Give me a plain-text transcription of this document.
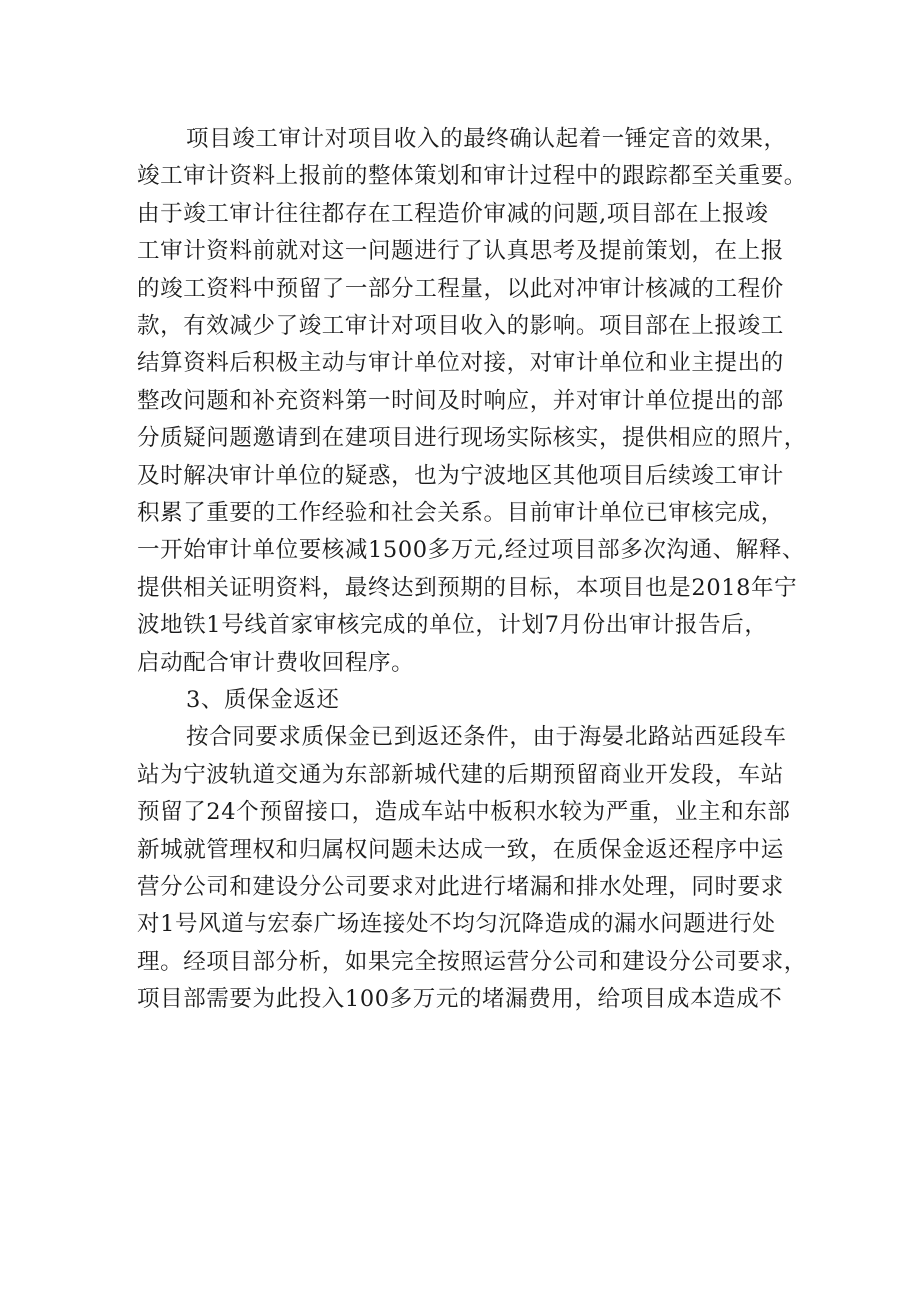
项目竣工审计对项目收入的最终确认起着一锤定音的效果，
竣工审计资料上报前的整体策划和审计过程中的跟踪都至关重要。
由于竣工审计往往都存在工程造价审减的问题,项目部在上报竣
工审计资料前就对这一问题进行了认真思考及提前策划，在上报
的竣工资料中预留了一部分工程量，以此对冲审计核减的工程价
款，有效减少了竣工审计对项目收入的影响。项目部在上报竣工
结算资料后积极主动与审计单位对接，对审计单位和业主提出的
整改问题和补充资料第一时间及时响应，并对审计单位提出的部
分质疑问题邀请到在建项目进行现场实际核实，提供相应的照片，
及时解决审计单位的疑惑，也为宁波地区其他项目后续竣工审计
积累了重要的工作经验和社会关系。目前审计单位已审核完成，
一开始审计单位要核减1500多万元,经过项目部多次沟通、解释、
提供相关证明资料，最终达到预期的目标，本项目也是2018年宁
波地铁1号线首家审核完成的单位，计划7月份出审计报告后，
启动配合审计费收回程序。
3、质保金返还
按合同要求质保金已到返还条件，由于海晏北路站西延段车
站为宁波轨道交通为东部新城代建的后期预留商业开发段，车站
预留了24个预留接口，造成车站中板积水较为严重，业主和东部
新城就管理权和归属权问题未达成一致，在质保金返还程序中运
营分公司和建设分公司要求对此进行堵漏和排水处理，同时要求
对1号风道与宏泰广场连接处不均匀沉降造成的漏水问题进行处
理。经项目部分析，如果完全按照运营分公司和建设分公司要求，
项目部需要为此投入100多万元的堵漏费用，给项目成本造成不
